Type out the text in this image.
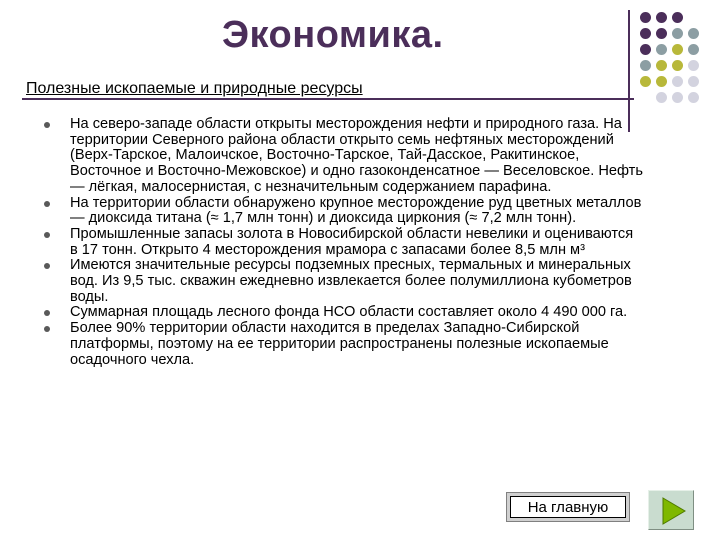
Экономика.
Полезные ископаемые и природные ресурсы
На северо-западе области открыты месторождения нефти и природного газа. На территории Северного района области открыто семь нефтяных месторождений (Верх-Тарское, Малоичское, Восточно-Тарское, Тай-Дасское, Ракитинское, Восточное и Восточно-Межовское) и одно газоконденсатное — Веселовское. Нефть — лёгкая, малосернистая, с незначительным содержанием парафина.
На территории области обнаружено крупное месторождение руд цветных металлов — диоксида титана (≈ 1,7 млн тонн) и диоксида циркония (≈ 7,2 млн тонн).
Промышленные запасы золота в Новосибирской области невелики и оцениваются в 17 тонн. Открыто 4 месторождения мрамора с запасами более 8,5 млн м³
Имеются значительные ресурсы подземных пресных, термальных и минеральных вод. Из 9,5 тыс. скважин ежедневно извлекается более полумиллиона кубометров воды.
Суммарная площадь лесного фонда НСО области составляет около 4 490 000 га.
Более 90% территории области находится в пределах Западно-Сибирской платформы, поэтому на ее территории распространены полезные ископаемые осадочного чехла.
На главную
